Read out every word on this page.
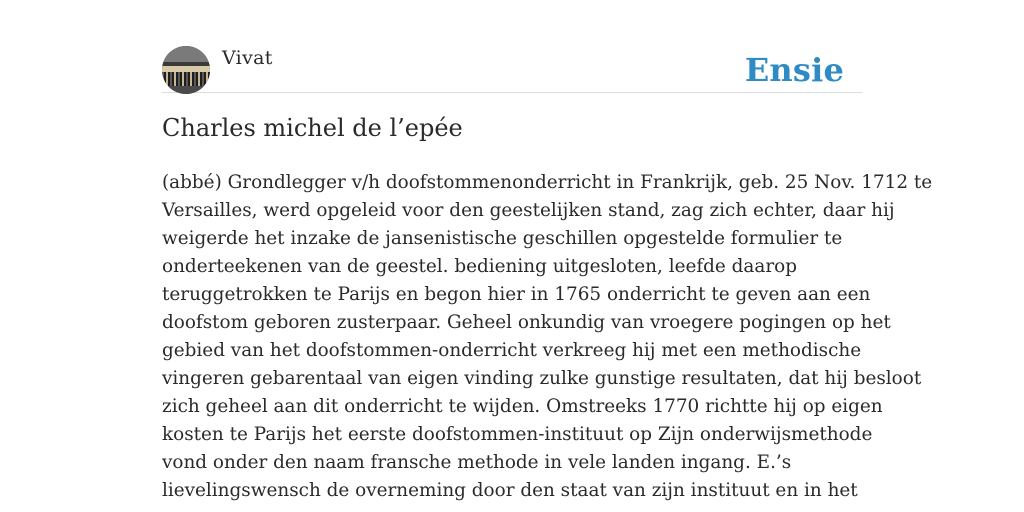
Vivat	Ensie
Charles michel de l’epée
(abbé) Grondlegger v/h doofstommenonderricht in Frankrijk, geb. 25 Nov. 1712 te
Versailles, werd opgeleid voor den geestelijken stand, zag zich echter, daar hij
weigerde het inzake de jansenistische geschillen opgestelde formulier te
onderteekenen van de geestel. bediening uitgesloten, leefde daarop
teruggetrokken te Parijs en begon hier in 1765 onderricht te geven aan een
doofstom geboren zusterpaar. Geheel onkundig van vroegere pogingen op het
gebied van het doofstommen-onderricht verkreeg hij met een methodische
vingeren gebarentaal van eigen vinding zulke gunstige resultaten, dat hij besloot
zich geheel aan dit onderricht te wijden. Omstreeks 1770 richtte hij op eigen
kosten te Parijs het eerste doofstommen-instituut op Zijn onderwijsmethode
vond onder den naam fransche methode in vele landen ingang. E.’s
lievelingswensch de overneming door den staat van zijn instituut en in het
